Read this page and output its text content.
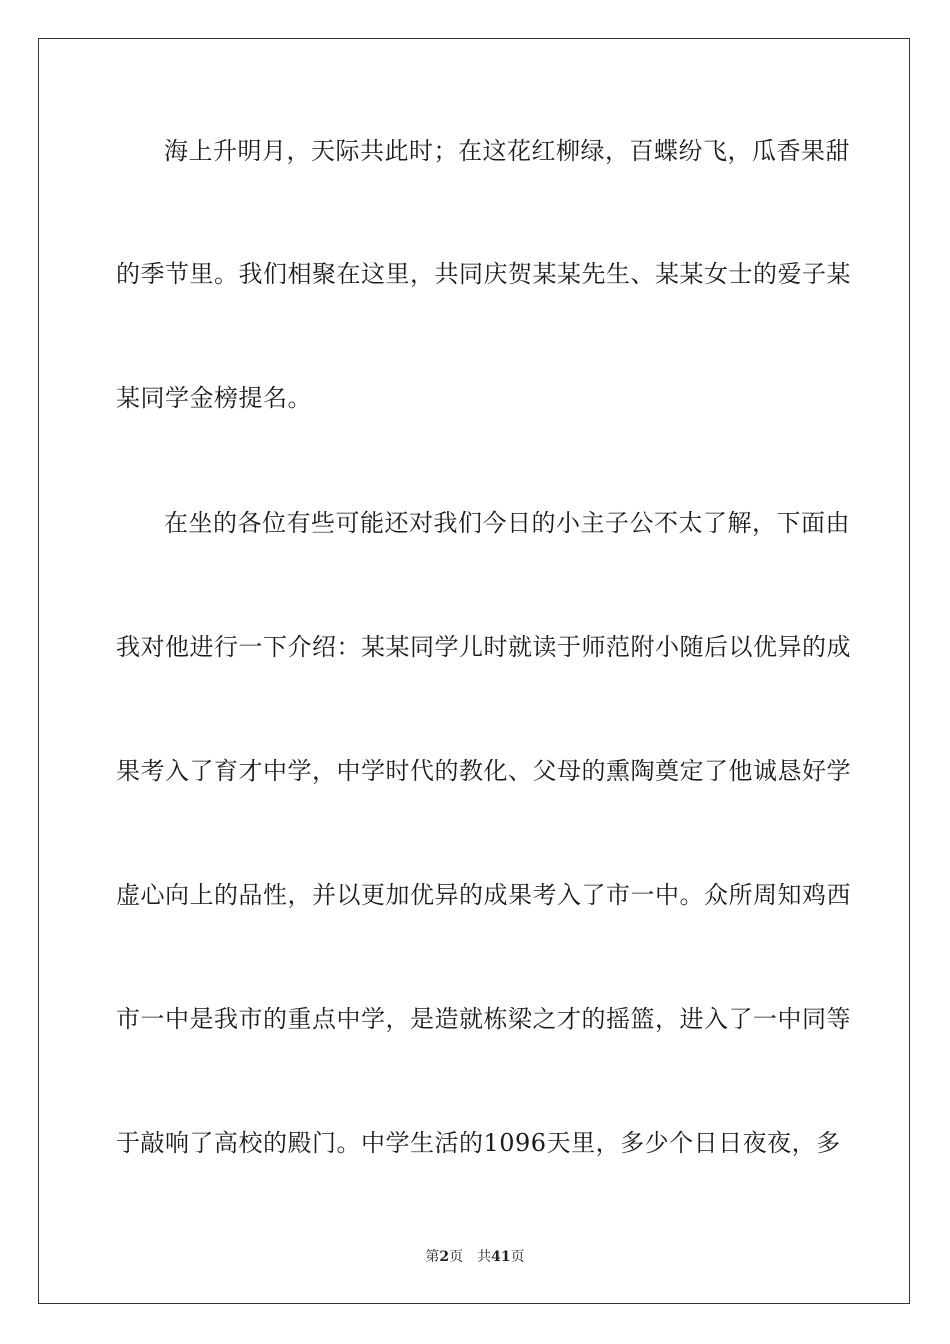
海上升明月，天际共此时；在这花红柳绿，百蝶纷飞，瓜香果甜
的季节里。我们相聚在这里，共同庆贺某某先生、某某女士的爱子某
某同学金榜提名。
在坐的各位有些可能还对我们今日的小主子公不太了解，下面由
我对他进行一下介绍：某某同学儿时就读于师范附小随后以优异的成
果考入了育才中学，中学时代的教化、父母的熏陶奠定了他诚恳好学
虚心向上的品性，并以更加优异的成果考入了市一中。众所周知鸡西
市一中是我市的重点中学，是造就栋梁之才的摇篮，进入了一中同等
于敲响了高校的殿门。中学生活的1096天里，多少个日日夜夜，多
第2页 共41页
